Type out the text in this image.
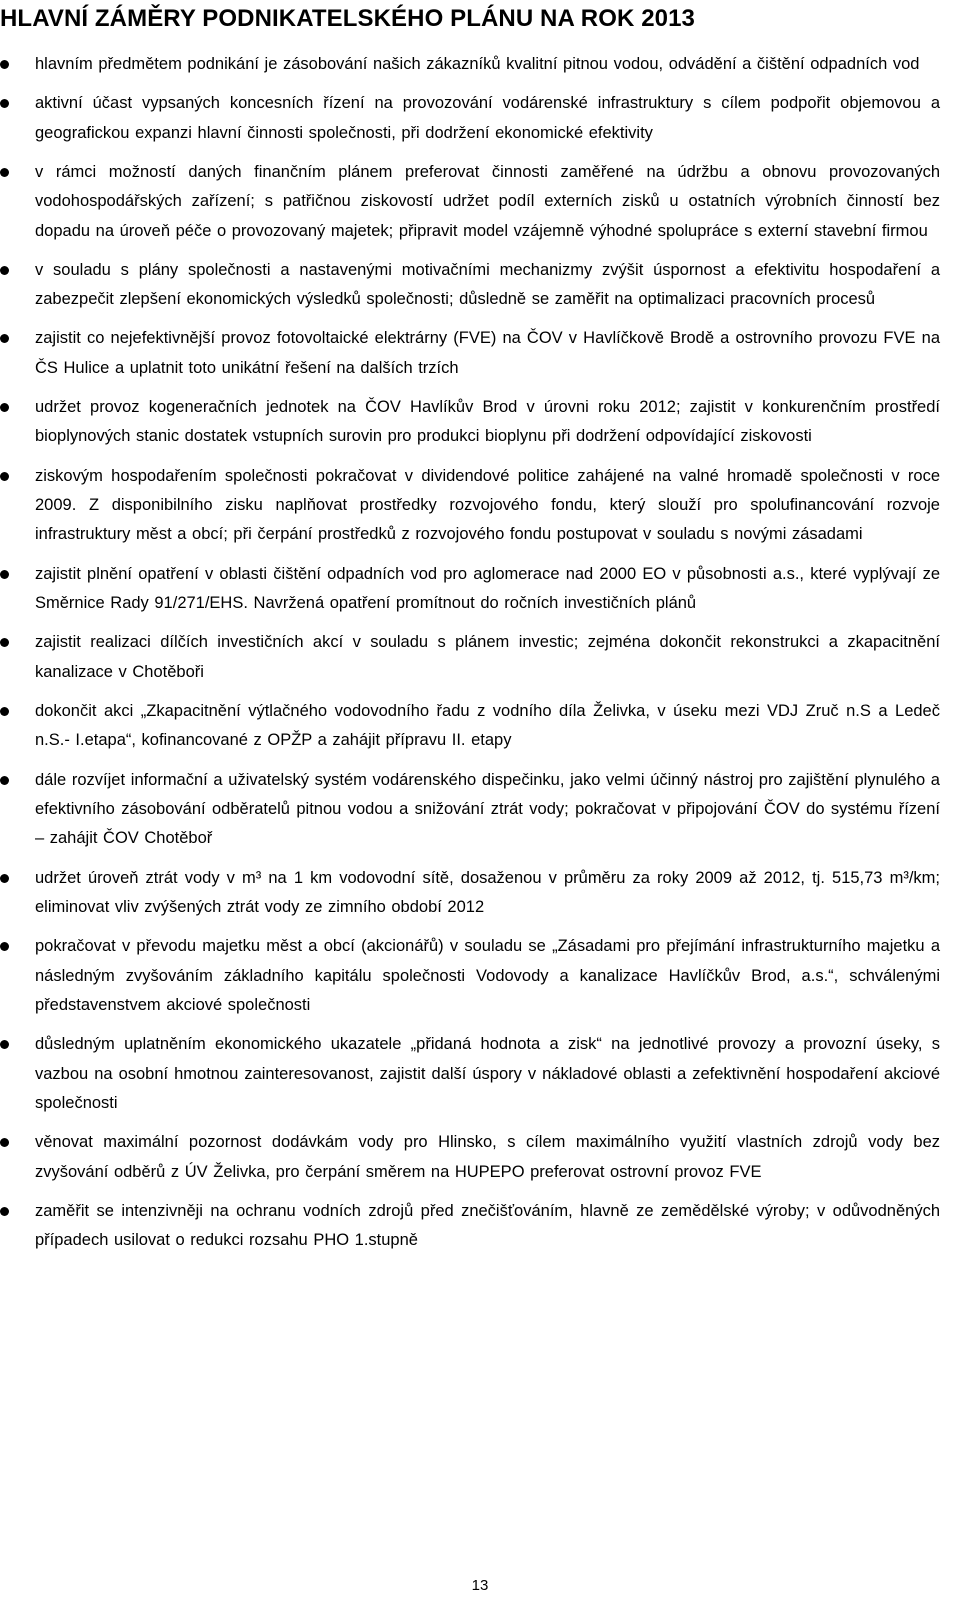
HLAVNÍ ZÁMĚRY PODNIKATELSKÉHO PLÁNU NA ROK 2013
hlavním předmětem podnikání je zásobování našich zákazníků kvalitní pitnou vodou, odvádění a čištění odpadních vod
aktivní účast vypsaných koncesních řízení na provozování vodárenské infrastruktury s cílem podpořit objemovou a geografickou expanzi hlavní činnosti společnosti, při dodržení ekonomické efektivity
v rámci možností daných finančním plánem preferovat činnosti zaměřené na údržbu a obnovu provozovaných vodohospodářských zařízení; s patřičnou ziskovostí udržet podíl externích zisků u ostatních výrobních činností bez dopadu na úroveň péče o provozovaný majetek; připravit model vzájemně výhodné spolupráce s externí stavební firmou
v souladu s plány společnosti a nastavenými motivačními mechanizmy zvýšit úspornost a efektivitu hospodaření a zabezpečit zlepšení ekonomických výsledků společnosti; důsledně se zaměřit na optimalizaci pracovních procesů
zajistit co nejefektivnější provoz fotovoltaické elektrárny (FVE) na ČOV v Havlíčkově Brodě a ostrovního provozu FVE na ČS Hulice a uplatnit toto unikátní řešení na dalších trzích
udržet provoz kogeneračních jednotek na ČOV Havlíkův Brod v úrovni roku 2012; zajistit v konkurenčním prostředí bioplynových stanic dostatek vstupních surovin pro produkci bioplynu při dodržení odpovídající ziskovosti
ziskovým hospodařením společnosti pokračovat v dividendové politice zahájené na valné hromadě společnosti v roce 2009. Z disponibilního zisku naplňovat prostředky rozvojového fondu, který slouží pro spolufinancování rozvoje infrastruktury měst a obcí; při čerpání prostředků z rozvojového fondu postupovat v souladu s novými zásadami
zajistit plnění opatření v oblasti čištění odpadních vod pro aglomerace nad 2000 EO v působnosti a.s., které vyplývají ze Směrnice Rady 91/271/EHS. Navržená opatření promítnout do ročních investičních plánů
zajistit realizaci dílčích investičních akcí v souladu s plánem investic; zejména dokončit rekonstrukci a zkapacitnění kanalizace v Chotěboři
dokončit akci „Zkapacitnění výtlačného vodovodního řadu z vodního díla Želivka, v úseku mezi VDJ Zruč n.S a Ledeč n.S.- I.etapa“, kofinancované z OPŽP a zahájit přípravu II. etapy
dále rozvíjet informační a uživatelský systém vodárenského dispečinku, jako velmi účinný nástroj pro zajištění plynulého a efektivního zásobování odběratelů pitnou vodou a snižování ztrát vody; pokračovat v připojování ČOV do systému řízení – zahájit ČOV Chotěboř
udržet úroveň ztrát vody v m³ na 1 km vodovodní sítě, dosaženou v průměru za roky 2009 až 2012, tj. 515,73 m³/km; eliminovat vliv zvýšených ztrát vody ze zimního období 2012
pokračovat v převodu majetku měst a obcí (akcionářů) v souladu se „Zásadami pro přejímání infrastrukturního majetku a následným zvyšováním základního kapitálu společnosti Vodovody a kanalizace Havlíčkův Brod, a.s.“, schválenými představenstvem akciové společnosti
důsledným uplatněním ekonomického ukazatele „přidaná hodnota a zisk“ na jednotlivé provozy a provozní úseky, s vazbou na osobní hmotnou zainteresovanost, zajistit další úspory v nákladové oblasti a zefektivnění hospodaření akciové společnosti
věnovat maximální pozornost dodávkám vody pro Hlinsko, s cílem maximálního využití vlastních zdrojů vody bez zvyšování odběrů z ÚV Želivka, pro čerpání směrem na HUPEPO preferovat ostrovní provoz FVE
zaměřit se intenzivněji na ochranu vodních zdrojů před znečišťováním, hlavně ze zemědělské výroby; v odůvodněných případech usilovat o redukci rozsahu PHO 1.stupně
13
